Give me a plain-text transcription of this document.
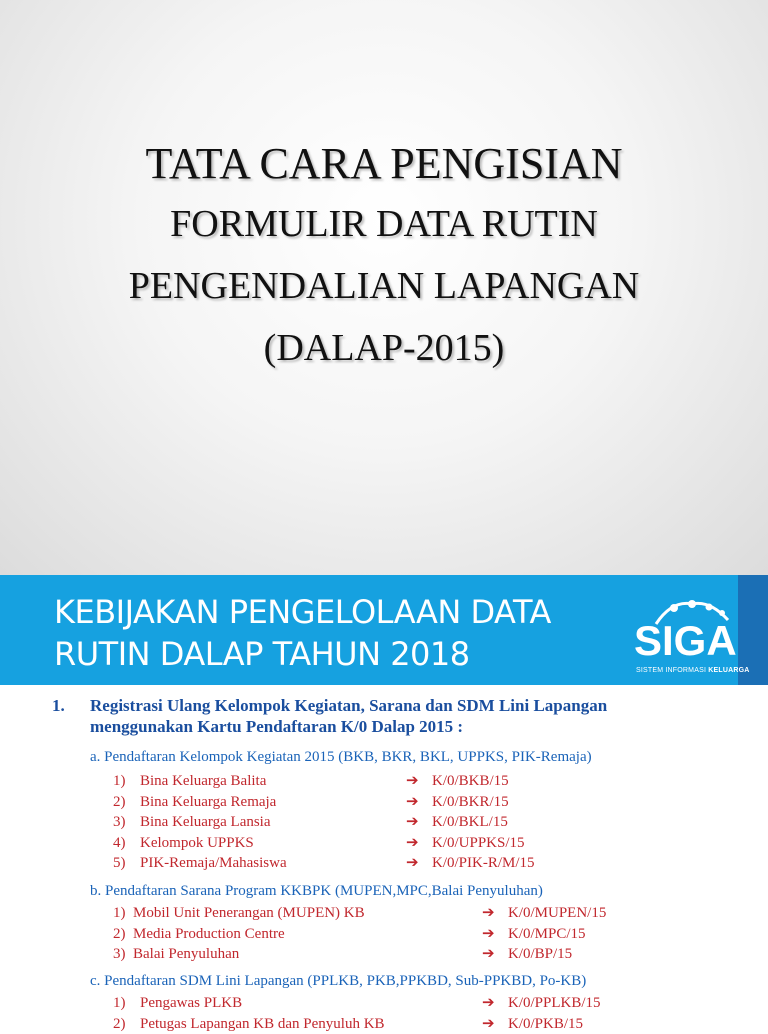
TATA CARA PENGISIAN
FORMULIR DATA RUTIN
PENGENDALIAN LAPANGAN
(DALAP-2015)
KEBIJAKAN PENGELOLAAN DATA
RUTIN DALAP TAHUN 2018	SIGA
SISTEM INFORMASI KELUARGA
1. Registrasi Ulang Kelompok Kegiatan, Sarana dan SDM Lini Lapangan menggunakan Kartu Pendaftaran K/0 Dalap 2015 :
a. Pendaftaran Kelompok Kegiatan 2015 (BKB, BKR, BKL, UPPKS, PIK-Remaja)
1) Bina Keluarga Balita	➔ K/0/BKB/15
2) Bina Keluarga Remaja	➔ K/0/BKR/15
3) Bina Keluarga Lansia	➔ K/0/BKL/15
4) Kelompok UPPKS	➔ K/0/UPPKS/15
5) PIK-Remaja/Mahasiswa	➔ K/0/PIK-R/M/15
b. Pendaftaran Sarana Program KKBPK (MUPEN,MPC,Balai Penyuluhan)
1) Mobil Unit Penerangan (MUPEN) KB	➔ K/0/MUPEN/15
2) Media Production Centre	➔ K/0/MPC/15
3) Balai Penyuluhan	➔ K/0/BP/15
c. Pendaftaran SDM Lini Lapangan (PPLKB, PKB,PPKBD, Sub-PPKBD, Po-KB)
1) Pengawas PLKB	➔ K/0/PPLKB/15
2) Petugas Lapangan KB dan Penyuluh KB	➔ K/0/PKB/15
